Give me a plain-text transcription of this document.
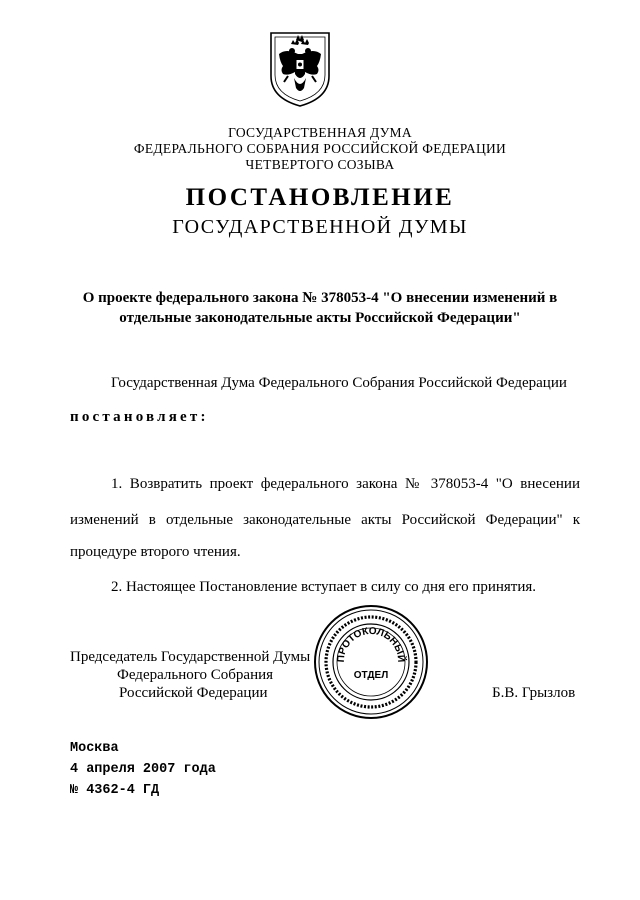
ГОСУДАРСТВЕННАЯ ДУМА
ФЕДЕРАЛЬНОГО СОБРАНИЯ РОССИЙСКОЙ ФЕДЕРАЦИИ
ЧЕТВЕРТОГО СОЗЫВА
ПОСТАНОВЛЕНИЕ
ГОСУДАРСТВЕННОЙ ДУМЫ
О проекте федерального закона № 378053-4 "О внесении изменений в
отдельные законодательные акты Российской Федерации"
Государственная Дума Федерального Собрания Российской Федерации
постановляет:
1. Возвратить проект федерального закона № 378053-4 "О внесении
изменений в отдельные законодательные акты Российской Федерации" к
процедуре второго чтения.
2. Настоящее Постановление вступает в силу со дня его принятия.
Председатель Государственной Думы
Федерального Собрания
Российской Федерации	Б.В. Грызлов
ПРОТОКОЛЬНЫЙ
ОТДЕЛ
Москва
4 апреля 2007 года
№ 4362-4 ГД
